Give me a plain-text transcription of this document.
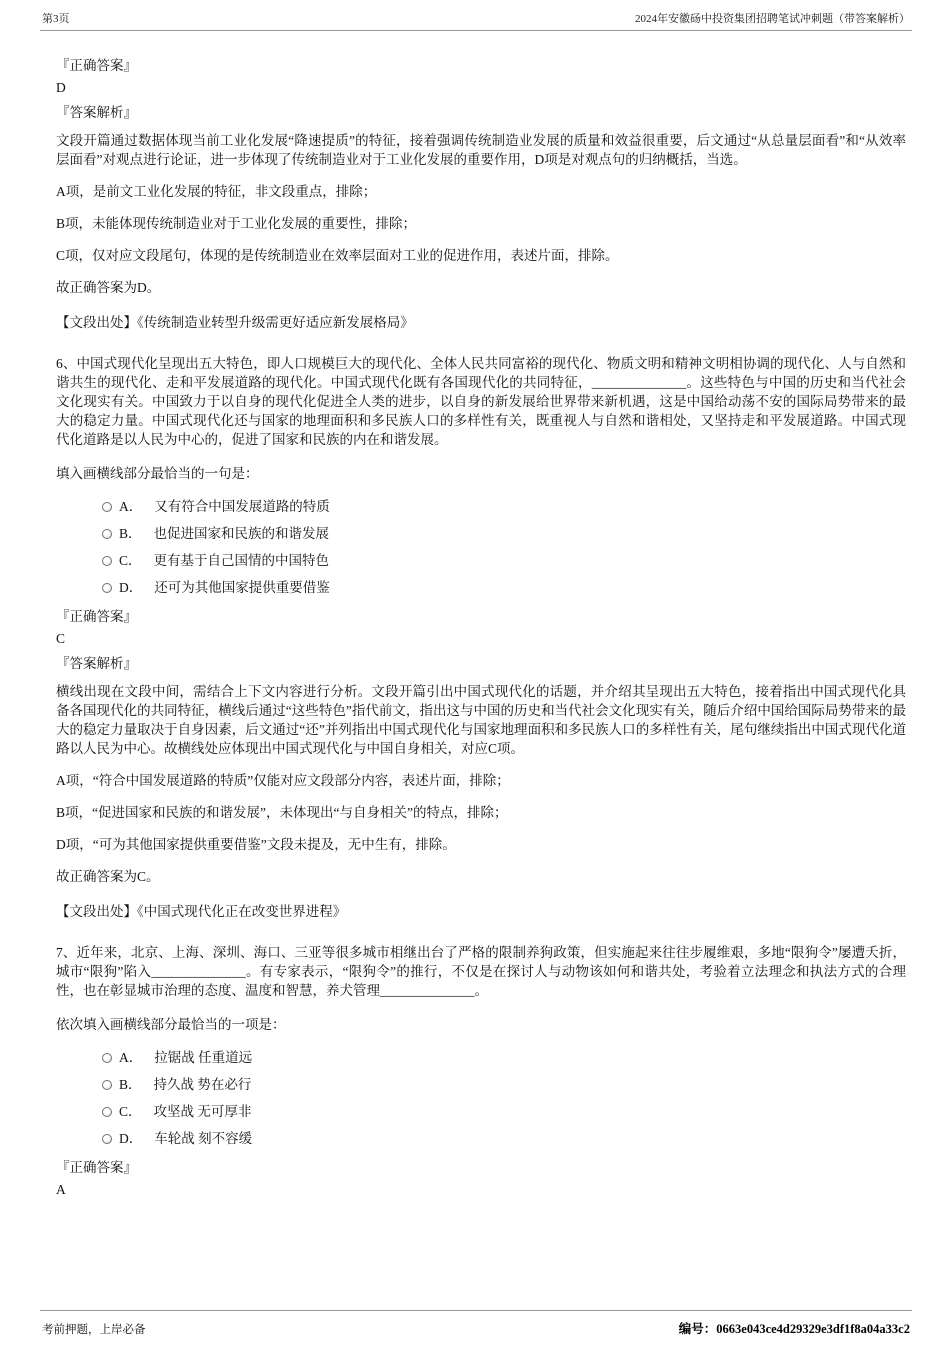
第3页	2024年安徽砀中投资集团招聘笔试冲刺题（带答案解析）
『正确答案』
D
『答案解析』
文段开篇通过数据体现当前工业化发展“降速提质”的特征，接着强调传统制造业发展的质量和效益很重要，后文通过“从总量层面看”和“从效率层面看”对观点进行论证，进一步体现了传统制造业对于工业化发展的重要作用，D项是对观点句的归纳概括，当选。
A项，是前文工业化发展的特征，非文段重点，排除；
B项，未能体现传统制造业对于工业化发展的重要性，排除；
C项，仅对应文段尾句，体现的是传统制造业在效率层面对工业的促进作用，表述片面，排除。
故正确答案为D。
【文段出处】《传统制造业转型升级需更好适应新发展格局》
6、中国式现代化呈现出五大特色，即人口规模巨大的现代化、全体人民共同富裕的现代化、物质文明和精神文明相协调的现代化、人与自然和谐共生的现代化、走和平发展道路的现代化。中国式现代化既有各国现代化的共同特征，______________。这些特色与中国的历史和当代社会文化现实有关。中国致力于以自身的现代化促进全人类的进步，以自身的新发展给世界带来新机遇，这是中国给动荡不安的国际局势带来的最大的稳定力量。中国式现代化还与国家的地理面积和多民族人口的多样性有关，既重视人与自然和谐相处，又坚持走和平发展道路。中国式现代化道路是以人民为中心的，促进了国家和民族的内在和谐发展。
填入画横线部分最恰当的一句是：
A． 又有符合中国发展道路的特质
B． 也促进国家和民族的和谐发展
C． 更有基于自己国情的中国特色
D． 还可为其他国家提供重要借鉴
『正确答案』
C
『答案解析』
横线出现在文段中间，需结合上下文内容进行分析。文段开篇引出中国式现代化的话题，并介绍其呈现出五大特色，接着指出中国式现代化具备各国现代化的共同特征，横线后通过“这些特色”指代前文，指出这与中国的历史和当代社会文化现实有关，随后介绍中国给国际局势带来的最大的稳定力量取决于自身因素，后文通过“还”并列指出中国式现代化与国家地理面积和多民族人口的多样性有关，尾句继续指出中国式现代化道路以人民为中心。故横线处应体现出中国式现代化与中国自身相关，对应C项。
A项，“符合中国发展道路的特质”仅能对应文段部分内容，表述片面，排除；
B项，“促进国家和民族的和谐发展”，未体现出“与自身相关”的特点，排除；
D项，“可为其他国家提供重要借鉴”文段未提及，无中生有，排除。
故正确答案为C。
【文段出处】《中国式现代化正在改变世界进程》
7、近年来，北京、上海、深圳、海口、三亚等很多城市相继出台了严格的限制养狗政策，但实施起来往往步履维艰，多地“限狗令”屡遭夭折，城市“限狗”陷入______________。有专家表示，“限狗令”的推行，不仅是在探讨人与动物该如何和谐共处，考验着立法理念和执法方式的合理性，也在彰显城市治理的态度、温度和智慧，养犬管理______________。
依次填入画横线部分最恰当的一项是：
A． 拉锯战 任重道远
B． 持久战 势在必行
C． 攻坚战 无可厚非
D． 车轮战 刻不容缓
『正确答案』
A
考前押题，上岸必备	编号：0663e043ce4d29329e3df1f8a04a33c2
